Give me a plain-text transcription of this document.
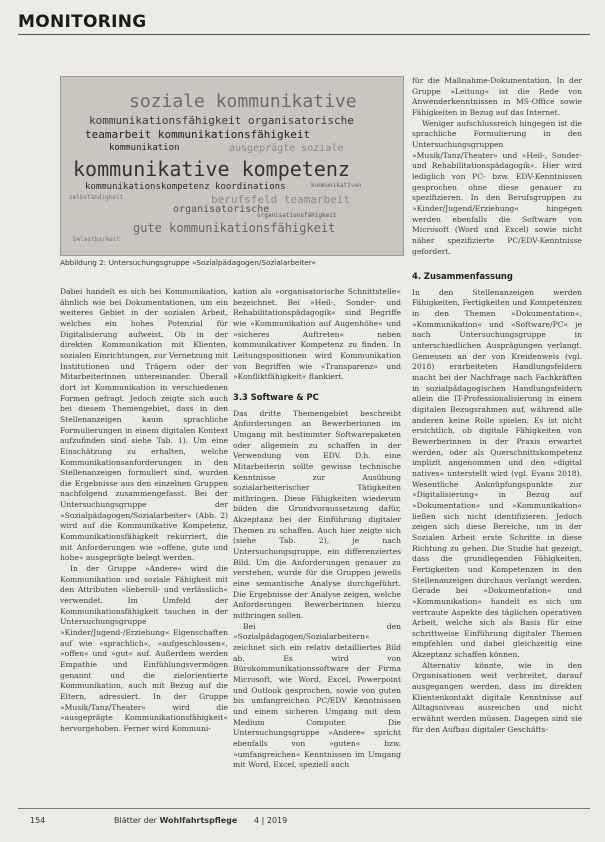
MONITORING
soziale kommunikative
kommunikationsfähigkeit organisatorische
teamarbeit kommunikationsfähigkeit
kommunikation	ausgeprägte soziale
kommunikative kompetenz
kommunikationskompetenz koordinations
berufsfeld teamarbeit
organisatorische
gute kommunikationsfähigkeit
selbständigkeit
kommunikativen
belastbarkeit
organisationsfähigkeit
Abbildung 2: Untersuchungsgruppe »Sozialpädagogen/Sozialarbeiter«

Dabei handelt es sich bei Kommunikation, ähnlich wie bei Dokumentationen, um ein weiteres Gebiet in der sozialen Arbeit, welches ein hohes Potenzial für Digitalisierung aufweist. Ob in der direkten Kommunikation mit Klienten, sozialen Einrichtungen, zur Vernetzung mit Institutionen und Trägern oder der Mitarbeiterinnen untereinander. Überall dort ist Kommunikation in verschiedenen Formen gefragt. Jedoch zeigte sich auch bei diesem Themengebiet, dass in den Stellenanzeigen kaum sprachliche Formulierungen in einem digitalen Kontext aufzufinden sind siehe Tab. 1). Um eine Einschätzung zu erhalten, welche Kommunikationsanforderungen in den Stellenanzeigen formuliert sind, wurden die Ergebnisse aus den einzelnen Gruppen nachfolgend zusammengefasst. Bei der Untersuchungsgruppe der »Sozialpädagogen/Sozialarbeiter« (Abb. 2) wird auf die Kommunikative Kompetenz, Kommunikationsfähigkeit rekurriert, die mit Anforderungen wie »offene, gute und hohe« ausgeprägte belegt werden.

In der Gruppe »Andere« wird die Kommunikation und soziale Fähigkeit mit den Attributen »lieberoll- und verlässlich« verwendet. Im Umfeld der Kommunikationsfähigkeit tauchen in der Untersuchungsgruppe »Kinder/Jugend-/Erziehung« Eigenschaften auf wie »sprachlich«, »aufgeschlossen«, »offen« und »gut« auf. Außerdem werden Empathie und Einfühlungsvermögen genannt und die zielorientierte Kommunikation, auch mit Bezug auf die Eltern, adressiert. In der Gruppe »Musik/Tanz/Theater« wird die »ausgeprägte Kommunikationsfähigkeit« hervorgehoben. Ferner wird Kommuni-

kation als »organisatorische Schnittstelle« bezeichnet. Bei »Heil-, Sonder- und Rehabilitationspädagogik« sind Begriffe wie »Kommunikation auf Augenhöhe« und »sicheres Auftreten« neben kommunikativer Kompetenz zu finden. In Leitungspositionen wird Kommunikation von Begriffen wie »Transparenz« und »Konfliktfähigkeit« flankiert.

3.3 Software & PC

Das dritte Themengebiet beschreibt Anforderungen an Bewerberinnen im Umgang mit bestimmter Softwarepaketen oder allgemein zu schaffen in der Verwendung von EDV. D.h. eine Mitarbeiterin sollte gewisse technische Kenntnisse zur Ausübung sozialarbeiterischer Tätigkeiten mitbringen. Diese Fähigkeiten wiederum bilden die Grundvoraussetzung dafür, Akzeptanz bei der Einführung digitaler Themen zu schaffen. Auch hier zeigte sich (siehe Tab. 2), je nach Untersuchungsgruppe, ein differenziertes Bild. Um die Anforderungen genauer zu verstehen, wurde für die Gruppen jeweils eine semantische Analyse durchgeführt. Die Ergebnisse der Analyse zeigen, welche Anforderungen Bewerberinnen hierzu mitbringen sollen.

Bei den »Sozialpädagogen/Sozialarbeitern« zeichnet sich ein relativ detailliertes Bild ab. Es wird von Bürokommunikationssoftware der Firma Microsoft, wie Word, Excel, Powerpoint und Outlook gesprochen, sowie von guten bis umfangreichen PC/EDV Kenntnissen und einem sicheren Umgang mit dem Medium Computer. Die Untersuchungsgruppe »Andere« spricht ebenfalls von »guten« bzw. »umfangreichen« Kenntnissen im Umgang mit Word, Excel, speziell auch

für die Maßnahme-Dokumentation. In der Gruppe »Leitung« ist die Rede von Anwenderkenntnissen in MS-Office sowie Fähigkeiten in Bezug auf das Internet.

Weniger aufschlussreich hingegen ist die sprachliche Formulierung in den Untersuchungsgruppen »Musik/Tanz/Theater« und »Heil-, Sonder- und Rehabilitationspädagogik«. Hier wird lediglich von PC- bzw. EDV-Kenntnissen gesprochen ohne diese genauer zu spezifizieren. In den Berufsgruppen zu »Kinder/Jugend/Erziehung« hingegen werden ebenfalls die Software von Microsoft (Word und Excel) sowie nicht näher spezifizierte PC/EDV-Kenntnisse gefordert.

4. Zusammenfassung

In den Stellenanzeigen werden Fähigkeiten, Fertigkeiten und Kompetenzen in den Themen »Dokumentation«, »Kommunikation« und »Software/PC« je nach Untersuchungsgruppe in unterschiedlichen Ausprägungen verlangt. Gemessen an der von Kreidenweis (vgl. 2018) erarbeiteten Handlungsfeldern macht bei der Nachfrage nach Fachkräften in sozialpädagogischen Handlungsfeldern allein die IT-Professionalisierung in einem digitalen Bezugsrahmen auf, während alle anderen keine Rolle spielen. Es ist nicht ersichtlich, ob digitale Fähigkeiten von Bewerberinnen in der Praxis erwartet werden, oder als Querschnittskompetenz implizit angenommen und den »digital natives« unterstellt wird (vgl. Evans 2018). Wesentliche Anknüpfungspunkte zur »Digitalisierung« in Bezug auf »Dokumentation« und »Kommunikation« ließen sich nicht identifizieren. Jedoch zeigen sich diese Bereiche, um in der Sozialen Arbeit erste Schritte in diese Richtung zu gehen. Die Studie hat gezeigt, dass die grundlegenden Fähigkeiten, Fertigkeiten und Kompetenzen in den Stellenanzeigen durchaus verlangt werden. Gerade bei »Dokumentation« und »Kommunikation« handelt es sich um vertraute Aspekte des täglichen operativen Arbeit, welche sich als Basis für eine schrittweise Einführung digitaler Themen empfehlen und dabei gleichzeitig eine Akzeptanz schaffen können.

Alternativ könnte, wie in den Organisationen weit verbreitet, darauf ausgegangen werden, dass im direkten Klientenkontakt digitale Kenntnisse auf Alltagsniveau ausreichen und nicht erwähnt werden müssen. Dagegen sind sie für den Aufbau digitaler Geschäfts-

154	Blätter der Wohlfahrtspflege 4 | 2019
